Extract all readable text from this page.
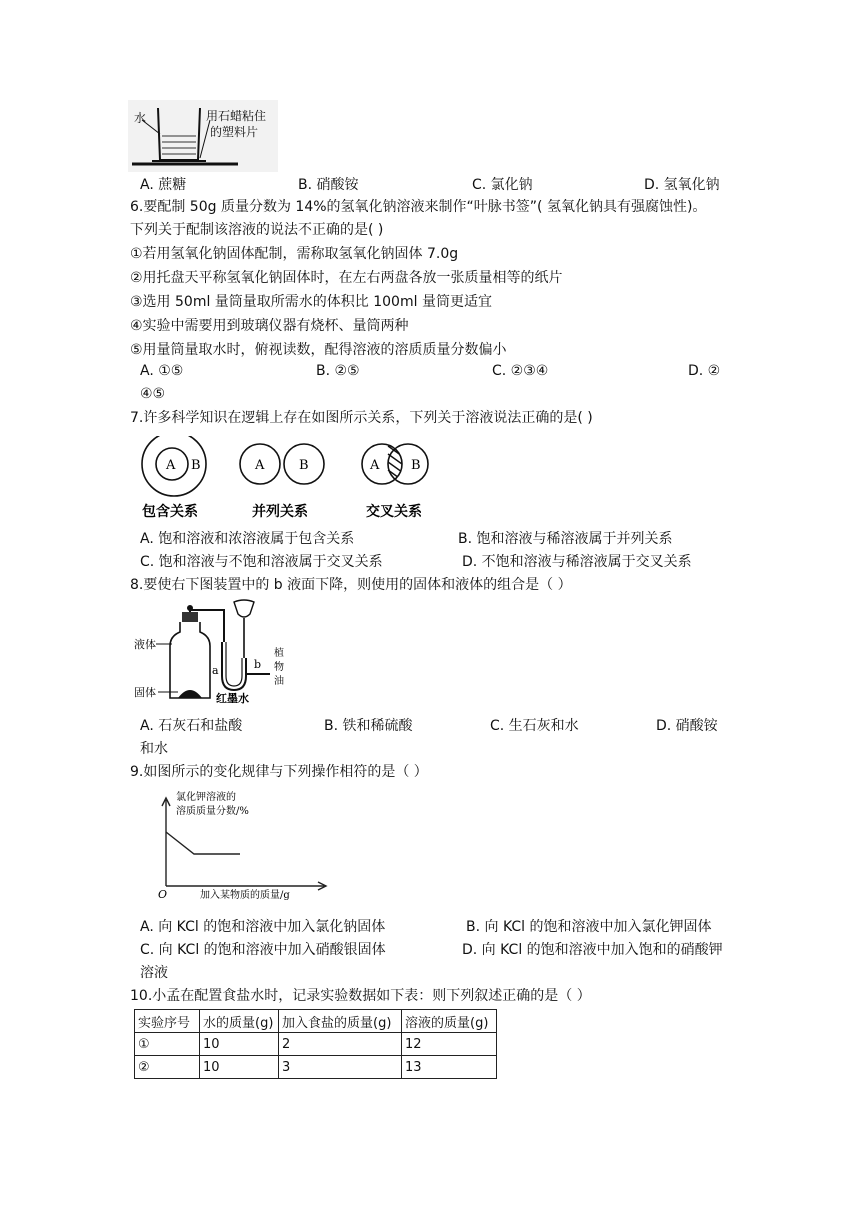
水	用石蜡粘住
的塑料片
A. 蔗糖	B. 硝酸铵	C. 氯化钠	D. 氢氧化钠
6.要配制 50g 质量分数为 14%的氢氧化钠溶液来制作“叶脉书签”( 氢氧化钠具有强腐蚀性)。
下列关于配制该溶液的说法不正确的是( )
①若用氢氧化钠固体配制，需称取氢氧化钠固体 7.0g
②用托盘天平称氢氧化钠固体时，在左右两盘各放一张质量相等的纸片
③选用 50ml 量筒量取所需水的体积比 100ml 量筒更适宜
④实验中需要用到玻璃仪器有烧杯、量筒两种
⑤用量筒量取水时，俯视读数，配得溶液的溶质质量分数偏小
A. ①⑤	B. ②⑤	C. ②③④	D. ②
④⑤
7.许多科学知识在逻辑上存在如图所示关系，下列关于溶液说法正确的是( )
A B	A	B	A B
包含关系	并列关系	交叉关系
A. 饱和溶液和浓溶液属于包含关系	B. 饱和溶液与稀溶液属于并列关系
C. 饱和溶液与不饱和溶液属于交叉关系	D. 不饱和溶液与稀溶液属于交叉关系
8.要使右下图装置中的 b 液面下降，则使用的固体和液体的组合是（ ）
液体
固体
a	b
红墨水
植
物
油
A. 石灰石和盐酸	B. 铁和稀硫酸	C. 生石灰和水	D. 硝酸铵
和水
9.如图所示的变化规律与下列操作相符的是（ ）
氯化钾溶液的
溶质质量分数/%
O	加入某物质的质量/g
A. 向 KCl 的饱和溶液中加入氯化钠固体	B. 向 KCl 的饱和溶液中加入氯化钾固体
C. 向 KCl 的饱和溶液中加入硝酸银固体	D. 向 KCl 的饱和溶液中加入饱和的硝酸钾
溶液
10.小孟在配置食盐水时，记录实验数据如下表：则下列叙述正确的是（ ）
实验序号	水的质量(g)	加入食盐的质量(g)	溶液的质量(g)
①	10	2	12
②	10	3	13
